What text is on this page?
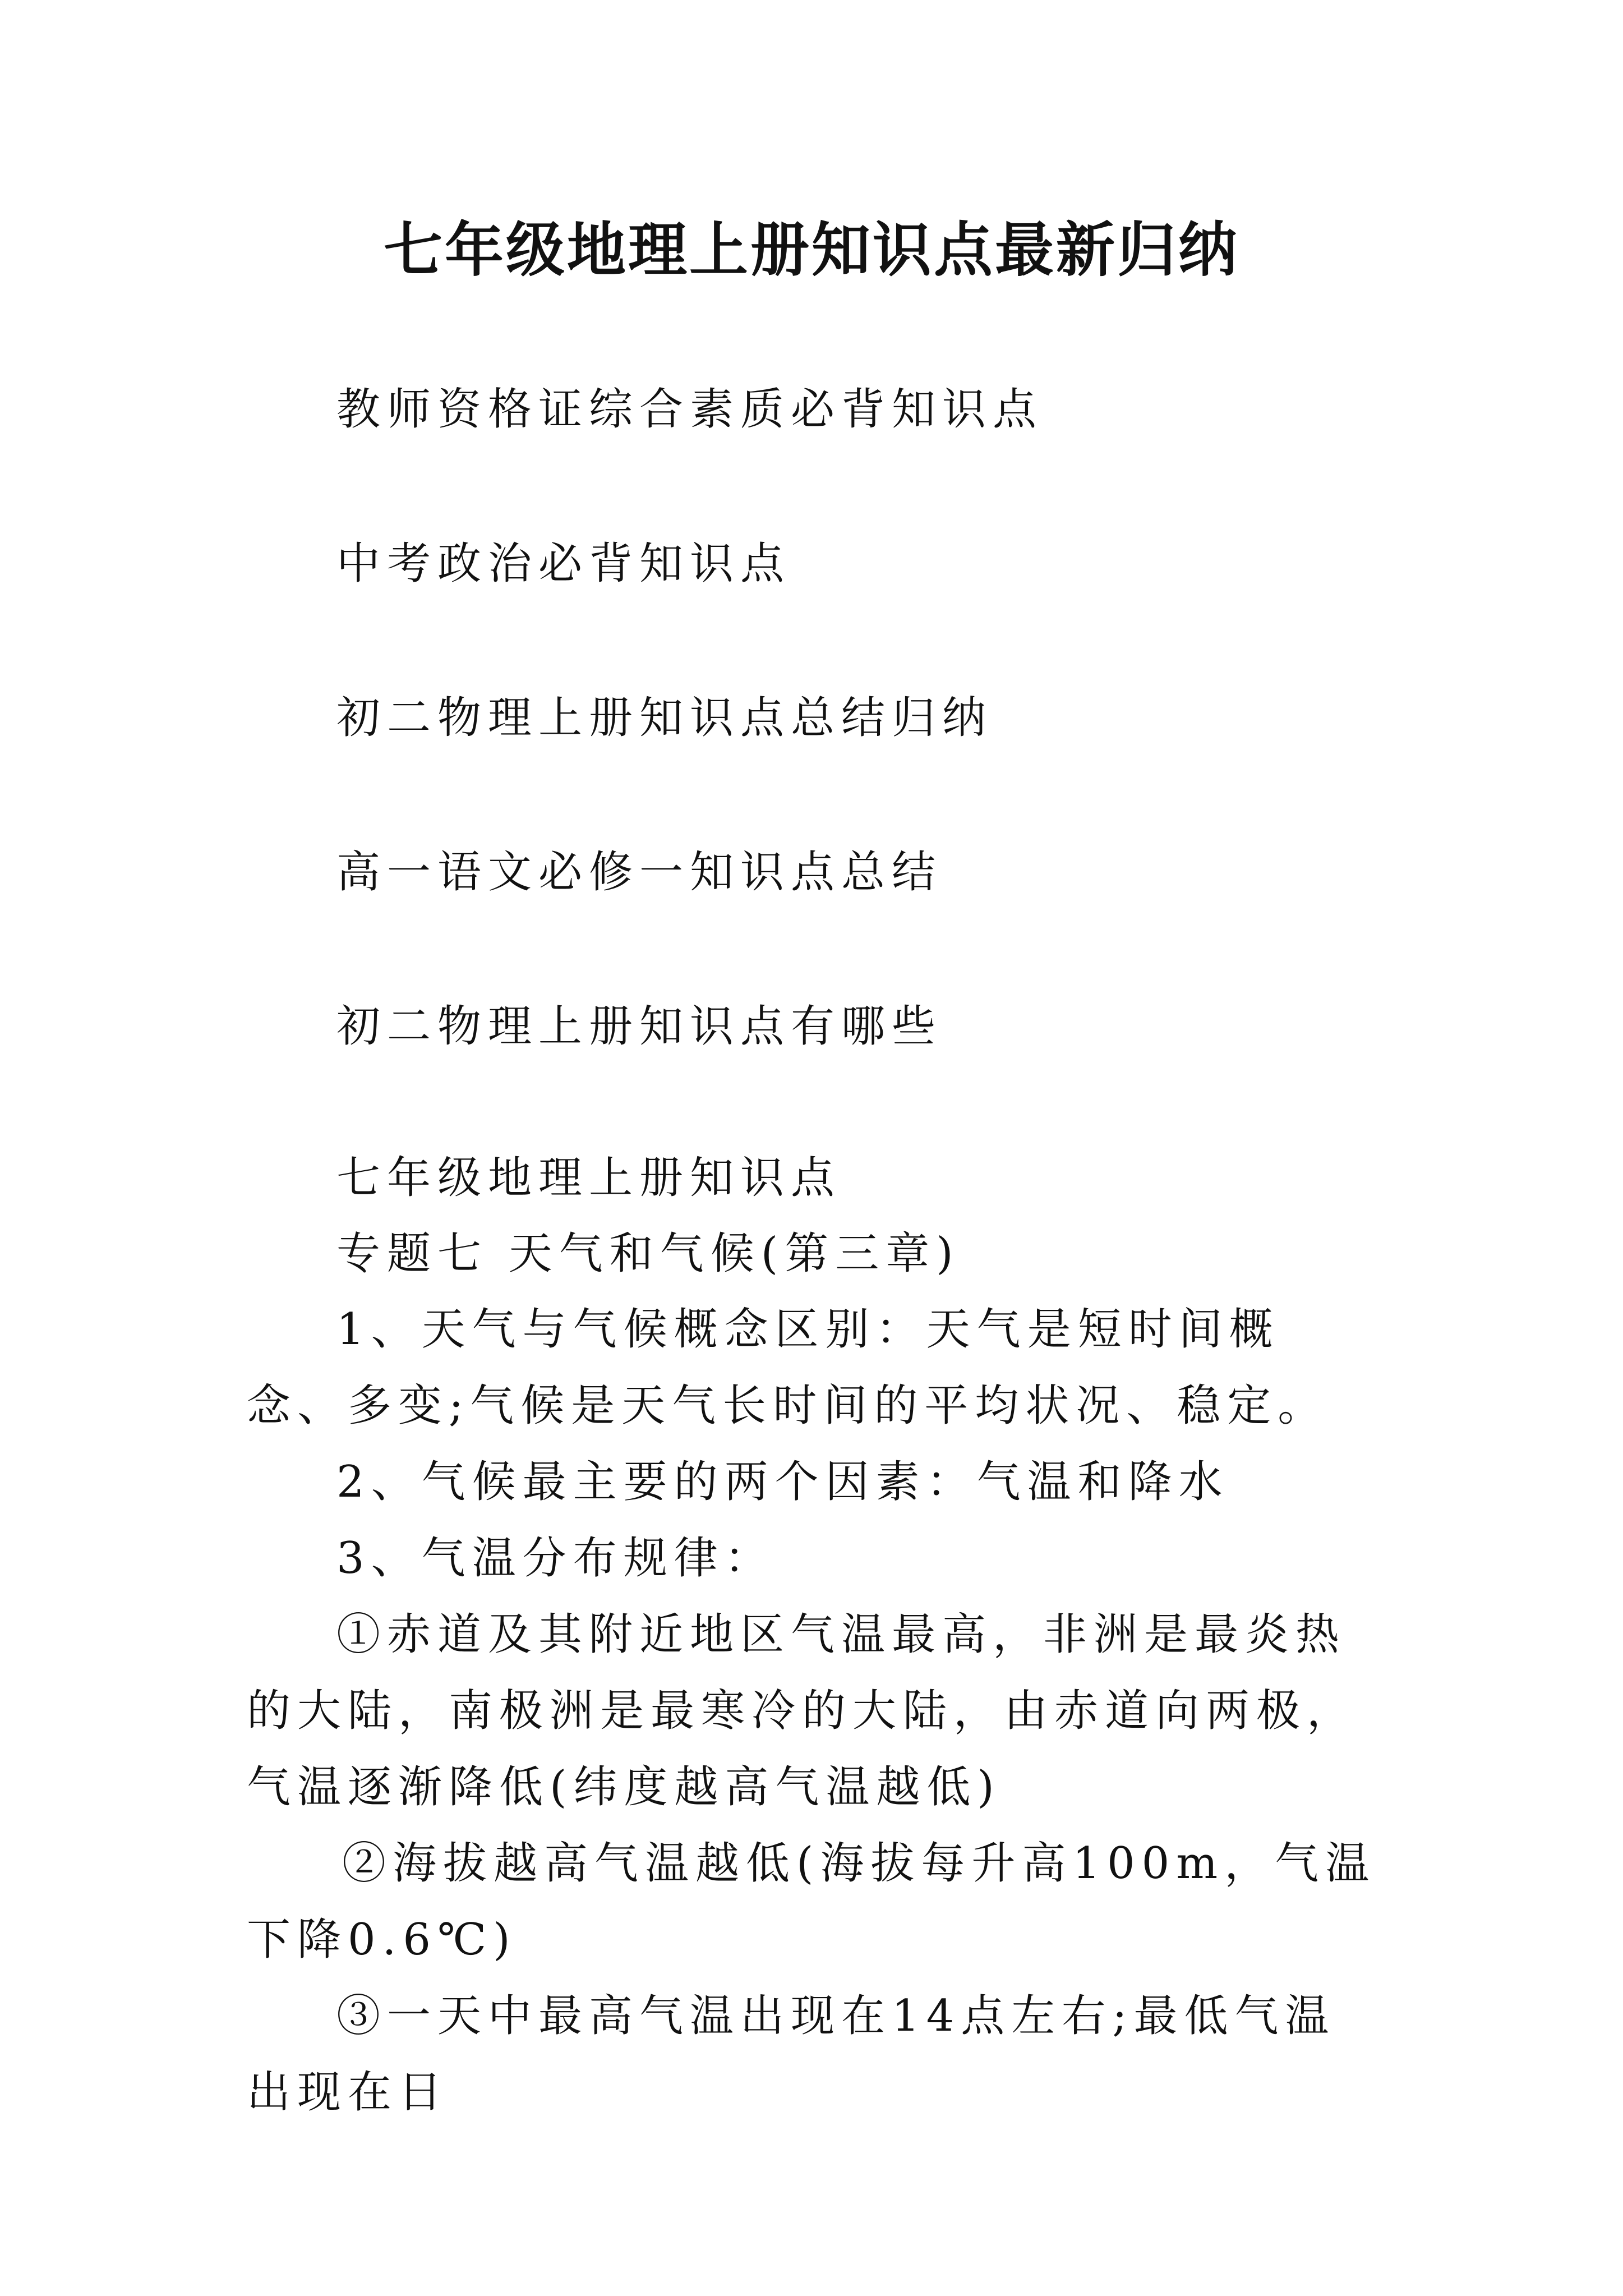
七年级地理上册知识点最新归纳
教师资格证综合素质必背知识点
中考政治必背知识点
初二物理上册知识点总结归纳
高一语文必修一知识点总结
初二物理上册知识点有哪些
七年级地理上册知识点
专题七 天气和气候(第三章)

1、天气与气候概念区别：天气是短时间概念、多变;气候是天气长时间的平均状况、稳定。

2、气候最主要的两个因素：气温和降水

3、气温分布规律：

①赤道及其附近地区气温最高，非洲是最炎热的大陆，南极洲是最寒冷的大陆，由赤道向两极，气温逐渐降低(纬度越高气温越低)

②海拔越高气温越低(海拔每升高100m，气温下降0.6℃)

③一天中最高气温出现在14点左右;最低气温出现在日
